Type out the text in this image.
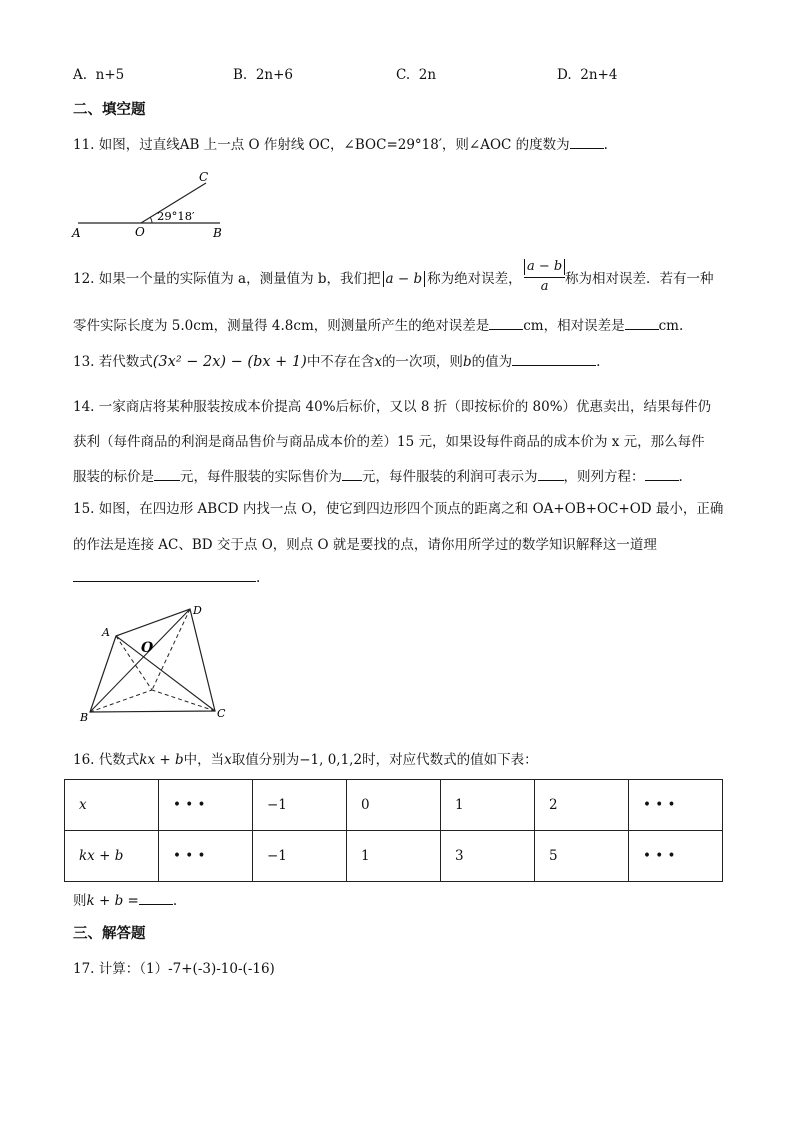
A. n+5	B. 2n+6	C. 2n	D. 2n+4
二、填空题
11. 如图，过直线AB 上一点 O 作射线 OC，∠BOC=29°18′，则∠AOC 的度数为	.
A	O	B
C
29°18′
12. 如果一个量的实际值为 a，测量值为 b，我们把 a − b 称为绝对误差， $\frac{a - b}{a}$ 称为相对误差．若有一种
零件实际长度为 5.0cm，测量得 4.8cm，则测量所产生的绝对误差是	cm，相对误差是	cm.
13. 若代数式(3x² − 2x) − (bx + 1)中不存在含x的一次项，则b的值为	.
14. 一家商店将某种服装按成本价提高 40%后标价，又以 8 折（即按标价的 80%）优惠卖出，结果每件仍
获利（每件商品的利润是商品售价与商品成本价的差）15 元，如果设每件商品的成本价为 x 元，那么每件
服装的标价是 元，每件服装的实际售价为 元，每件服装的利润可表示为 ，则列方程：	.
15. 如图，在四边形 ABCD 内找一点 O，使它到四边形四个顶点的距离之和 OA+OB+OC+OD 最小，正确
的作法是连接 AC、BD 交于点 O，则点 O 就是要找的点，请你用所学过的数学知识解释这一道理
.
A
D
C
B
O
16. 代数式kx + b中，当x取值分别为−1, 0,1,2时，对应代数式的值如下表：
x	• • •	−1	0	1	2	• • •
kx + b	• • •	−1	1	3	5	• • •
则k + b =	.
三、解答题
17. 计算：（1）-7+(-3)-10-(-16)
